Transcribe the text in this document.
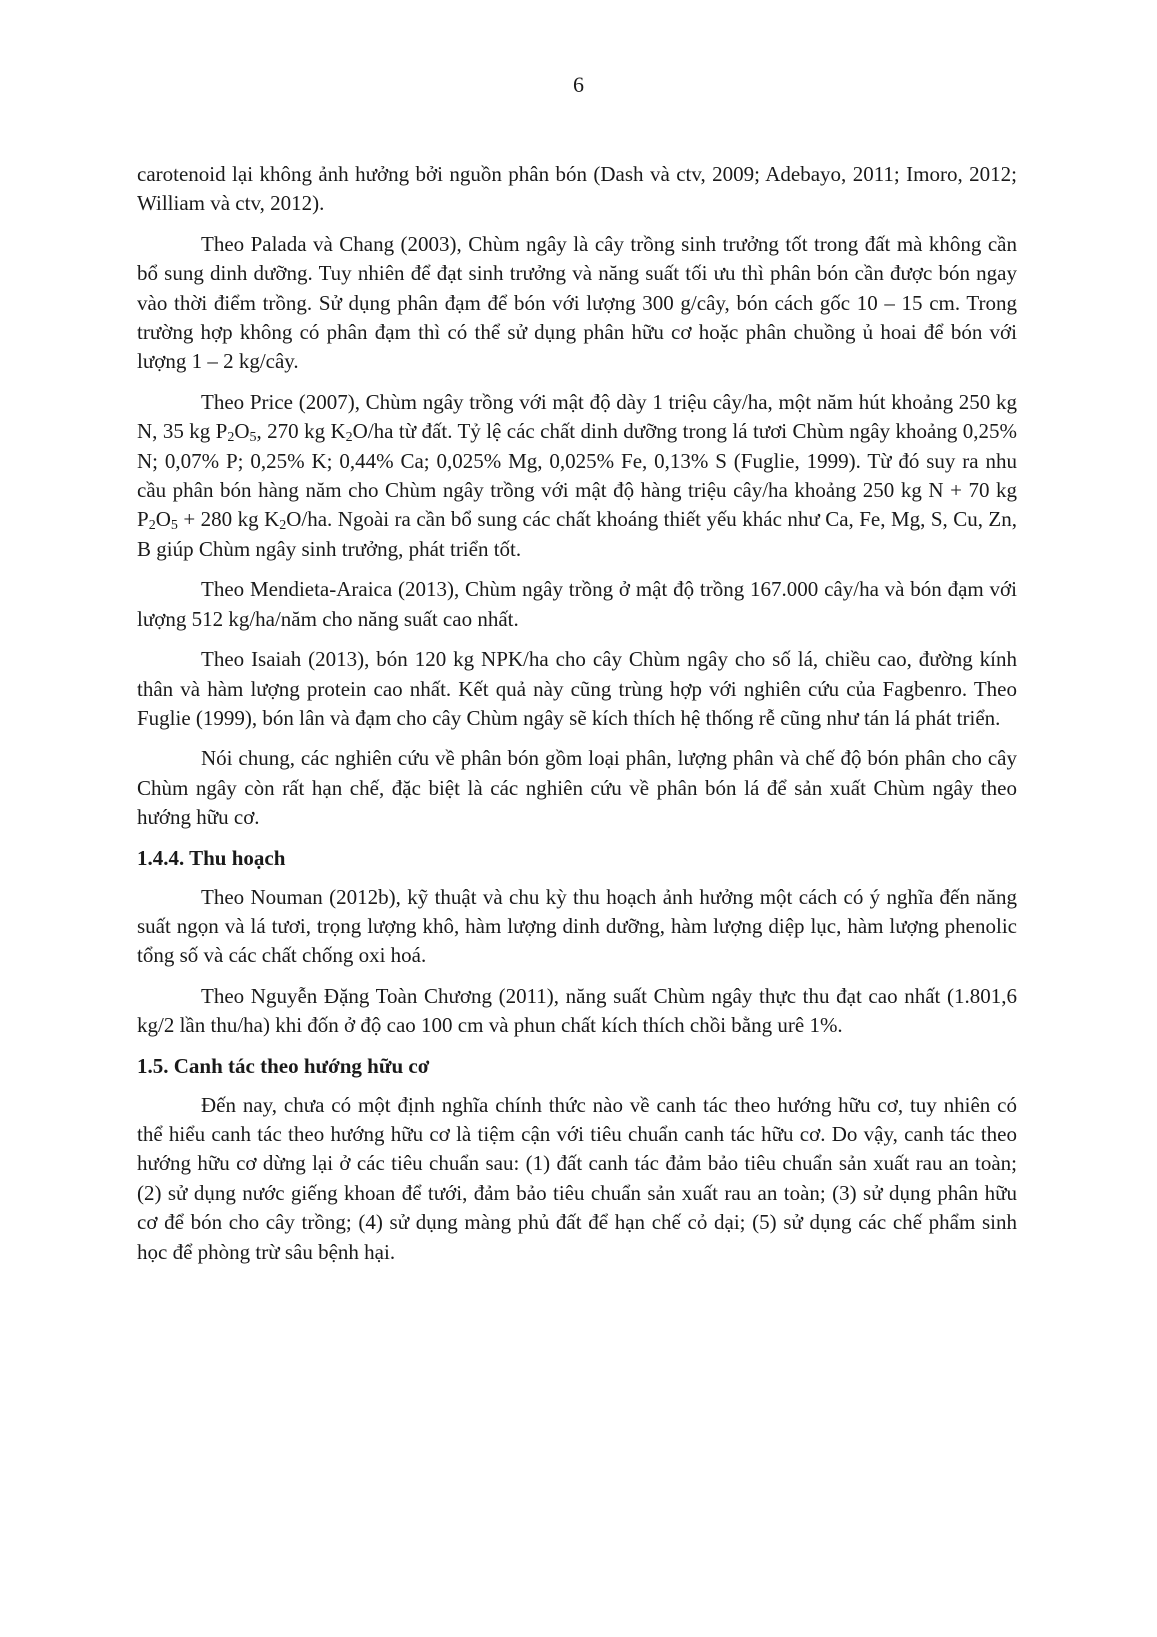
6

carotenoid lại không ảnh hưởng bởi nguồn phân bón (Dash và ctv, 2009; Adebayo, 2011; Imoro, 2012; William và ctv, 2012).

Theo Palada và Chang (2003), Chùm ngây là cây trồng sinh trưởng tốt trong đất mà không cần bổ sung dinh dưỡng. Tuy nhiên để đạt sinh trưởng và năng suất tối ưu thì phân bón cần được bón ngay vào thời điểm trồng. Sử dụng phân đạm để bón với lượng 300 g/cây, bón cách gốc 10 – 15 cm. Trong trường hợp không có phân đạm thì có thể sử dụng phân hữu cơ hoặc phân chuồng ủ hoai để bón với lượng 1 – 2 kg/cây.

Theo Price (2007), Chùm ngây trồng với mật độ dày 1 triệu cây/ha, một năm hút khoảng 250 kg N, 35 kg $P_2O_5$, 270 kg $K_2O/ha$ từ đất. Tỷ lệ các chất dinh dưỡng trong lá tươi Chùm ngây khoảng 0,25% N; 0,07% P; 0,25% K; 0,44% Ca; 0,025% Mg, 0,025% Fe, 0,13% S (Fuglie, 1999). Từ đó suy ra nhu cầu phân bón hàng năm cho Chùm ngây trồng với mật độ hàng triệu cây/ha khoảng 250 kg N + 70 kg $P_2O_5 + 280$ kg $K_2O/ha$. Ngoài ra cần bổ sung các chất khoáng thiết yếu khác như Ca, Fe, Mg, S, Cu, Zn, B giúp Chùm ngây sinh trưởng, phát triển tốt.

Theo Mendieta-Araica (2013), Chùm ngây trồng ở mật độ trồng 167.000 cây/ha và bón đạm với lượng 512 kg/ha/năm cho năng suất cao nhất.

Theo Isaiah (2013), bón 120 kg NPK/ha cho cây Chùm ngây cho số lá, chiều cao, đường kính thân và hàm lượng protein cao nhất. Kết quả này cũng trùng hợp với nghiên cứu của Fagbenro. Theo Fuglie (1999), bón lân và đạm cho cây Chùm ngây sẽ kích thích hệ thống rễ cũng như tán lá phát triển.

Nói chung, các nghiên cứu về phân bón gồm loại phân, lượng phân và chế độ bón phân cho cây Chùm ngây còn rất hạn chế, đặc biệt là các nghiên cứu về phân bón lá để sản xuất Chùm ngây theo hướng hữu cơ.

1.4.4. Thu hoạch

Theo Nouman (2012b), kỹ thuật và chu kỳ thu hoạch ảnh hưởng một cách có ý nghĩa đến năng suất ngọn và lá tươi, trọng lượng khô, hàm lượng dinh dưỡng, hàm lượng diệp lục, hàm lượng phenolic tổng số và các chất chống oxi hoá.

Theo Nguyễn Đặng Toàn Chương (2011), năng suất Chùm ngây thực thu đạt cao nhất (1.801,6 kg/2 lần thu/ha) khi đốn ở độ cao 100 cm và phun chất kích thích chồi bằng urê 1%.

1.5. Canh tác theo hướng hữu cơ

Đến nay, chưa có một định nghĩa chính thức nào về canh tác theo hướng hữu cơ, tuy nhiên có thể hiểu canh tác theo hướng hữu cơ là tiệm cận với tiêu chuẩn canh tác hữu cơ. Do vậy, canh tác theo hướng hữu cơ dừng lại ở các tiêu chuẩn sau: (1) đất canh tác đảm bảo tiêu chuẩn sản xuất rau an toàn; (2) sử dụng nước giếng khoan để tưới, đảm bảo tiêu chuẩn sản xuất rau an toàn; (3) sử dụng phân hữu cơ để bón cho cây trồng; (4) sử dụng màng phủ đất để hạn chế cỏ dại; (5) sử dụng các chế phẩm sinh học để phòng trừ sâu bệnh hại.
